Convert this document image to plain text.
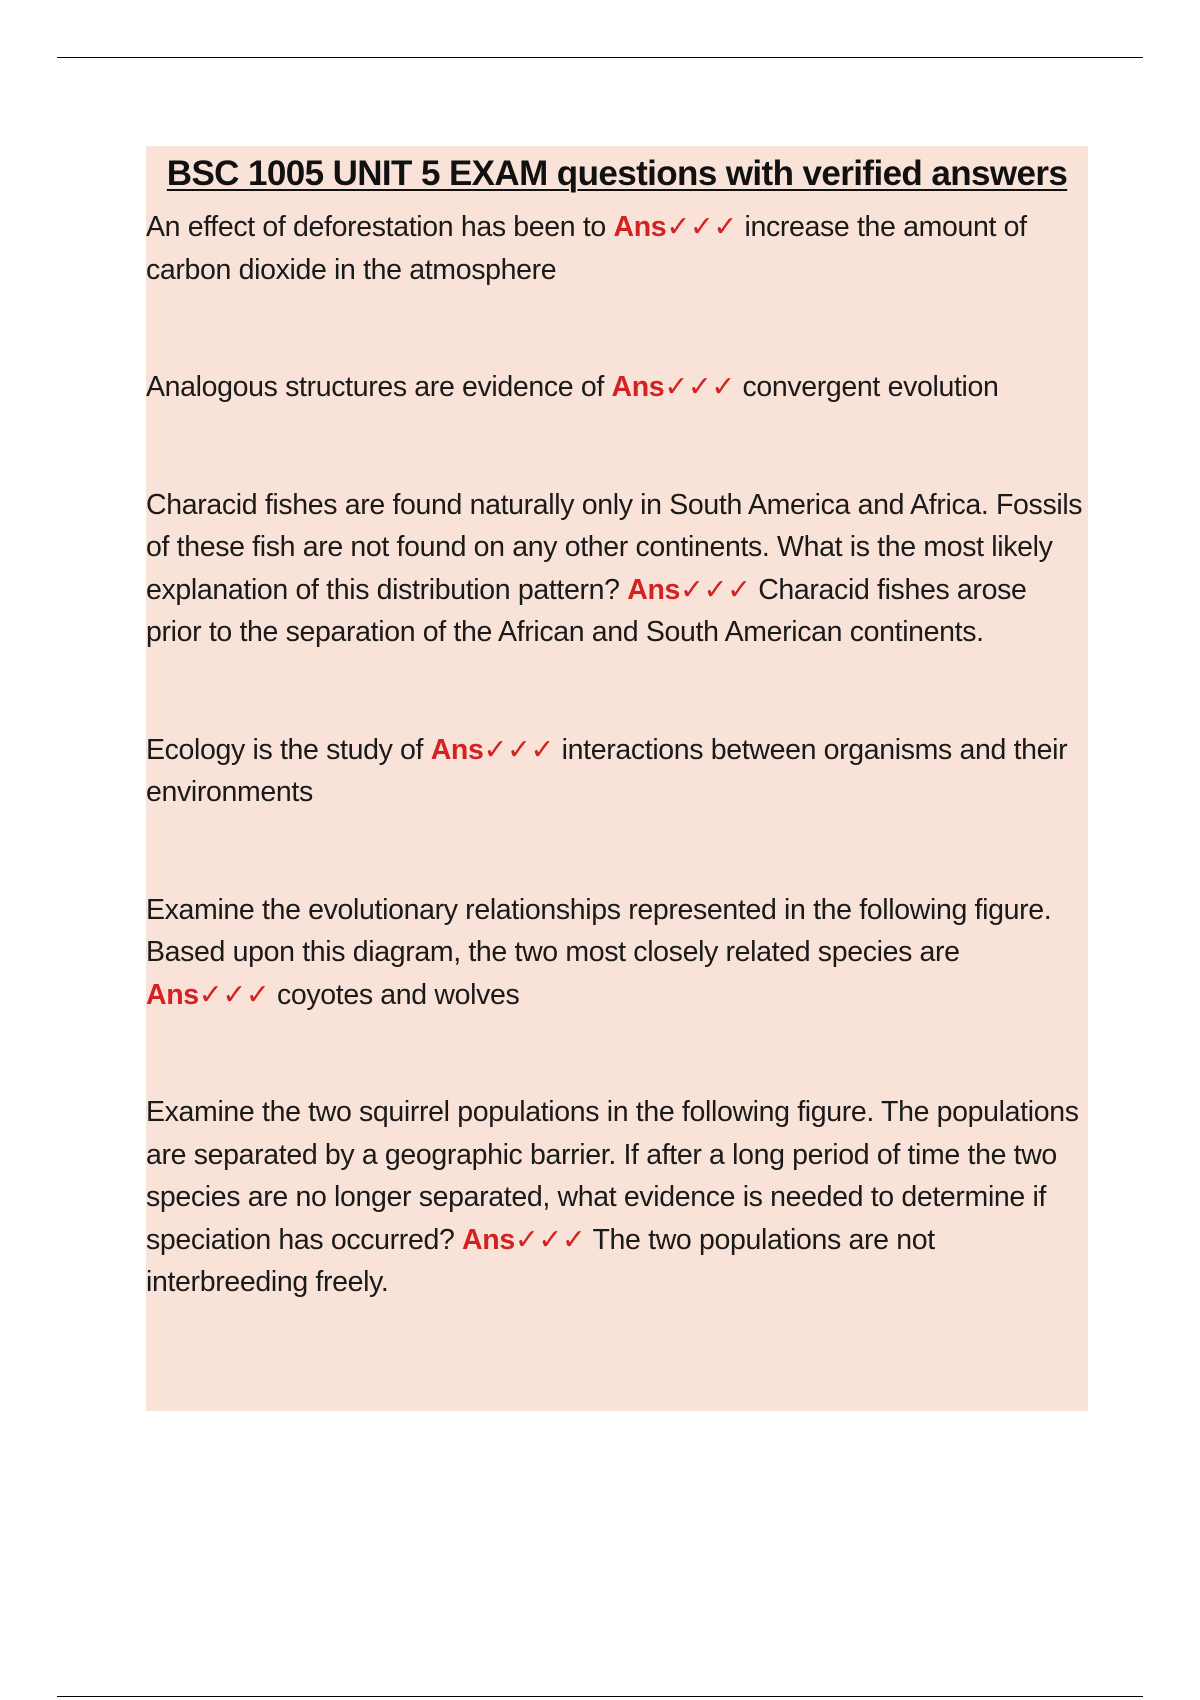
BSC 1005 UNIT 5 EXAM questions with verified answers
An effect of deforestation has been to Ans✓✓✓ increase the amount of carbon dioxide in the atmosphere
Analogous structures are evidence of Ans✓✓✓ convergent evolution
Characid fishes are found naturally only in South America and Africa. Fossils of these fish are not found on any other continents. What is the most likely explanation of this distribution pattern? Ans✓✓✓ Characid fishes arose prior to the separation of the African and South American continents.
Ecology is the study of Ans✓✓✓ interactions between organisms and their environments
Examine the evolutionary relationships represented in the following figure. Based upon this diagram, the two most closely related species are Ans✓✓✓ coyotes and wolves
Examine the two squirrel populations in the following figure. The populations are separated by a geographic barrier. If after a long period of time the two species are no longer separated, what evidence is needed to determine if speciation has occurred? Ans✓✓✓ The two populations are not interbreeding freely.
